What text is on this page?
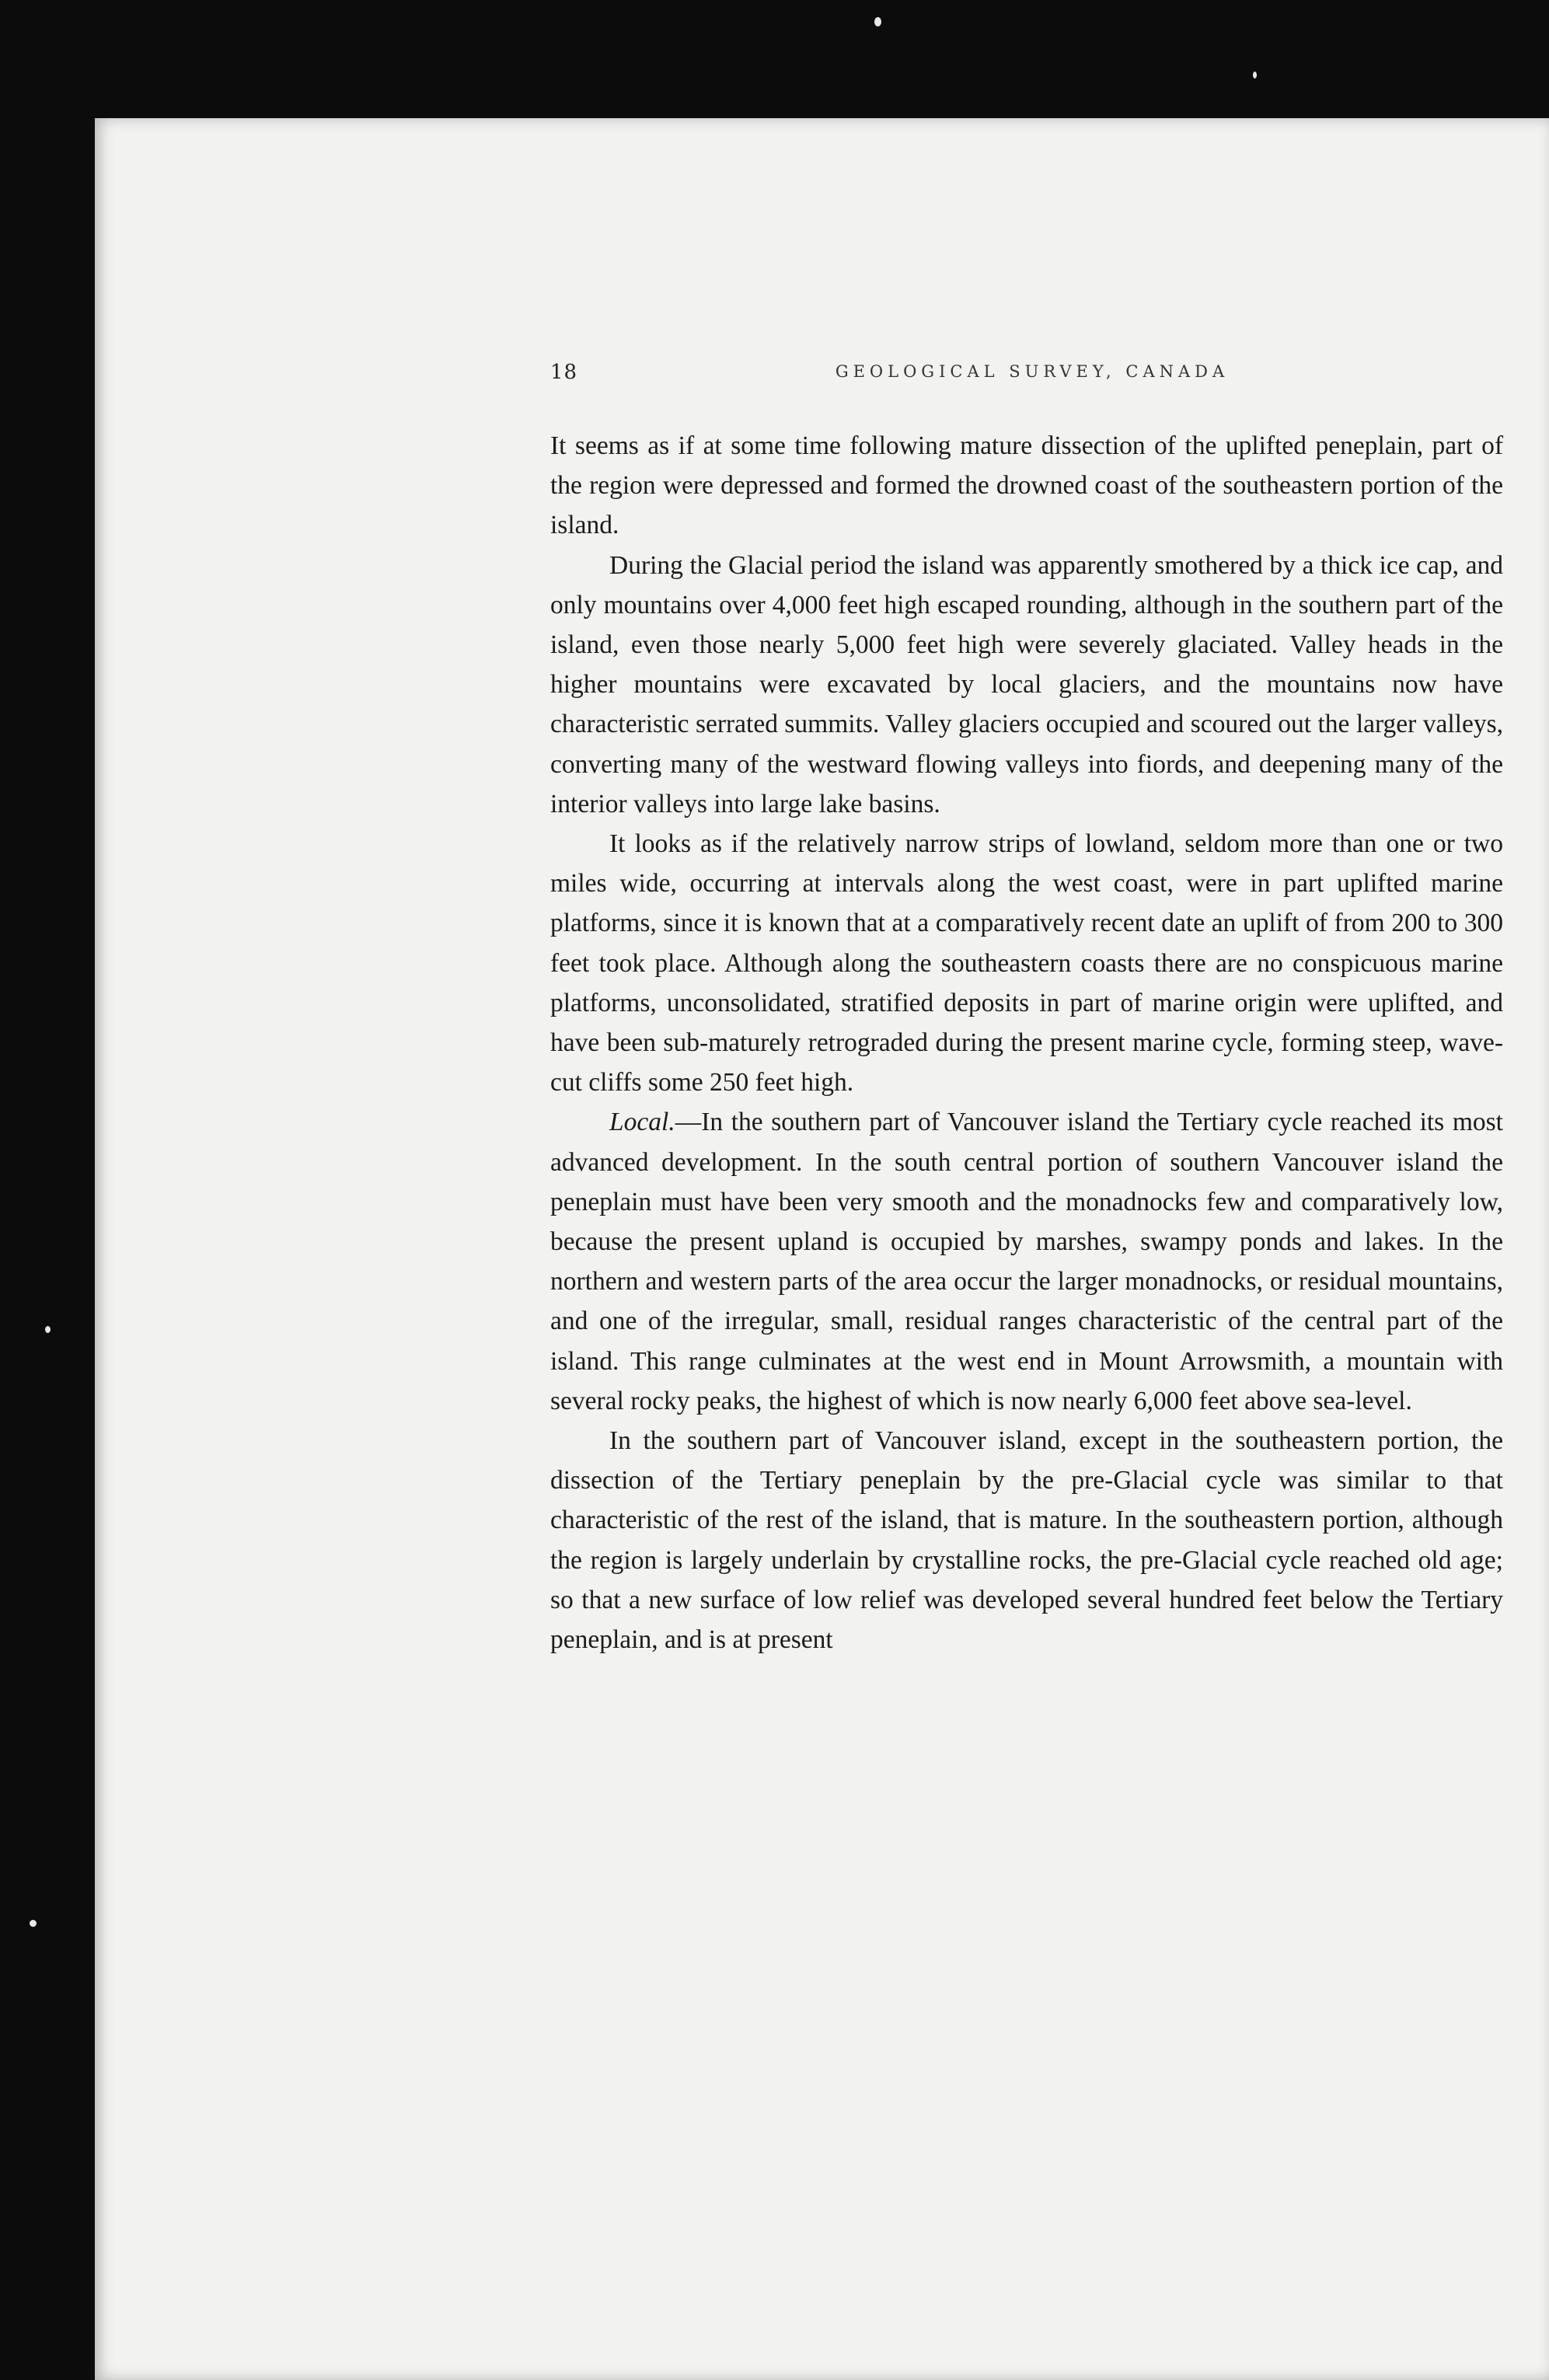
18	GEOLOGICAL SURVEY, CANADA

It seems as if at some time following mature dissection of the uplifted peneplain, part of the region were depressed and formed the drowned coast of the southeastern portion of the island.

During the Glacial period the island was apparently smothered by a thick ice cap, and only mountains over 4,000 feet high escaped rounding, although in the southern part of the island, even those nearly 5,000 feet high were severely glaciated. Valley heads in the higher mountains were excavated by local glaciers, and the mountains now have characteristic serrated summits. Valley glaciers occupied and scoured out the larger valleys, converting many of the westward flowing valleys into fiords, and deepening many of the interior valleys into large lake basins.

It looks as if the relatively narrow strips of lowland, seldom more than one or two miles wide, occurring at intervals along the west coast, were in part uplifted marine platforms, since it is known that at a comparatively recent date an uplift of from 200 to 300 feet took place. Although along the southeastern coasts there are no conspicuous marine platforms, unconsolidated, stratified deposits in part of marine origin were uplifted, and have been sub-maturely retrograded during the present marine cycle, forming steep, wave-cut cliffs some 250 feet high.

Local.—In the southern part of Vancouver island the Tertiary cycle reached its most advanced development. In the south central portion of southern Vancouver island the peneplain must have been very smooth and the monadnocks few and comparatively low, because the present upland is occupied by marshes, swampy ponds and lakes. In the northern and western parts of the area occur the larger monadnocks, or residual mountains, and one of the irregular, small, residual ranges characteristic of the central part of the island. This range culminates at the west end in Mount Arrowsmith, a mountain with several rocky peaks, the highest of which is now nearly 6,000 feet above sea-level.

In the southern part of Vancouver island, except in the southeastern portion, the dissection of the Tertiary peneplain by the pre-Glacial cycle was similar to that characteristic of the rest of the island, that is mature. In the southeastern portion, although the region is largely underlain by crystalline rocks, the pre-Glacial cycle reached old age; so that a new surface of low relief was developed several hundred feet below the Tertiary peneplain, and is at present
